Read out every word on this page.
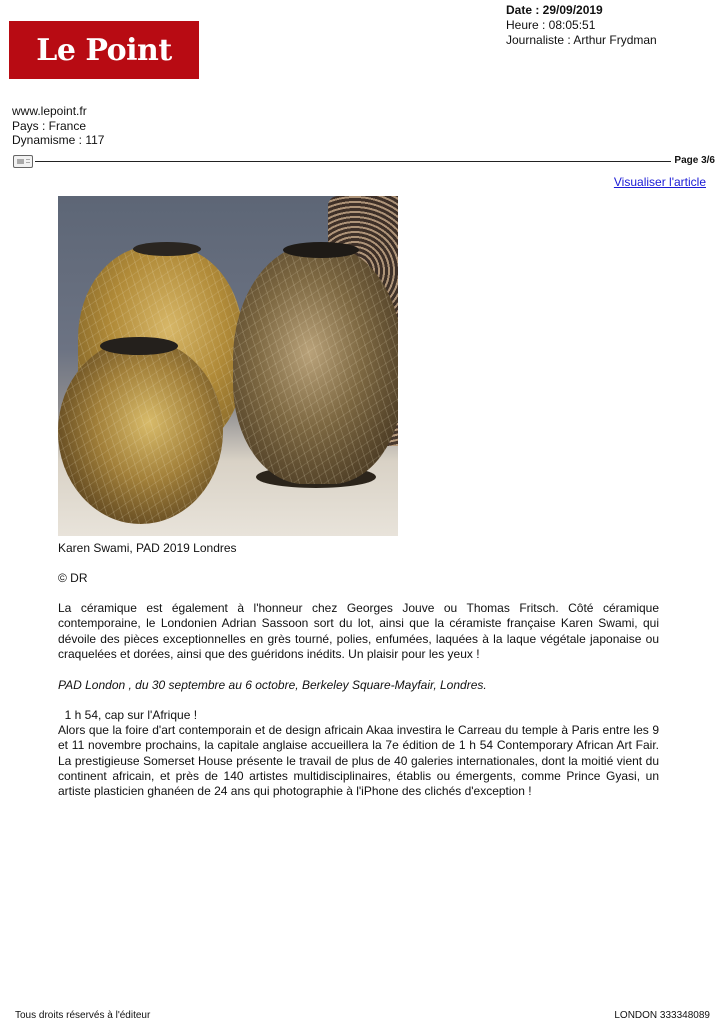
Le Point
Date : 29/09/2019
Heure : 08:05:51
Journaliste : Arthur Frydman
www.lepoint.fr
Pays : France
Dynamisme : 117
Page 3/6
Visualiser l'article
Karen Swami, PAD 2019 Londres
© DR

La céramique est également à l'honneur chez Georges Jouve ou Thomas Fritsch. Côté céramique contemporaine, le Londonien Adrian Sassoon sort du lot, ainsi que la céramiste française Karen Swami, qui dévoile des pièces exceptionnelles en grès tourné, polies, enfumées, laquées à la laque végétale japonaise ou craquelées et dorées, ainsi que des guéridons inédits. Un plaisir pour les yeux !

PAD London , du 30 septembre au 6 octobre, Berkeley Square-Mayfair, Londres.
1 h 54, cap sur l'Afrique !

Alors que la foire d'art contemporain et de design africain Akaa investira le Carreau du temple à Paris entre les 9 et 11 novembre prochains, la capitale anglaise accueillera la 7e édition de 1 h 54 Contemporary African Art Fair. La prestigieuse Somerset House présente le travail de plus de 40 galeries internationales, dont la moitié vient du continent africain, et près de 140 artistes multidisciplinaires, établis ou émergents, comme Prince Gyasi, un artiste plasticien ghanéen de 24 ans qui photographie à l'iPhone des clichés d'exception !

Tous droits réservés à l'éditeur	LONDON 333348089
